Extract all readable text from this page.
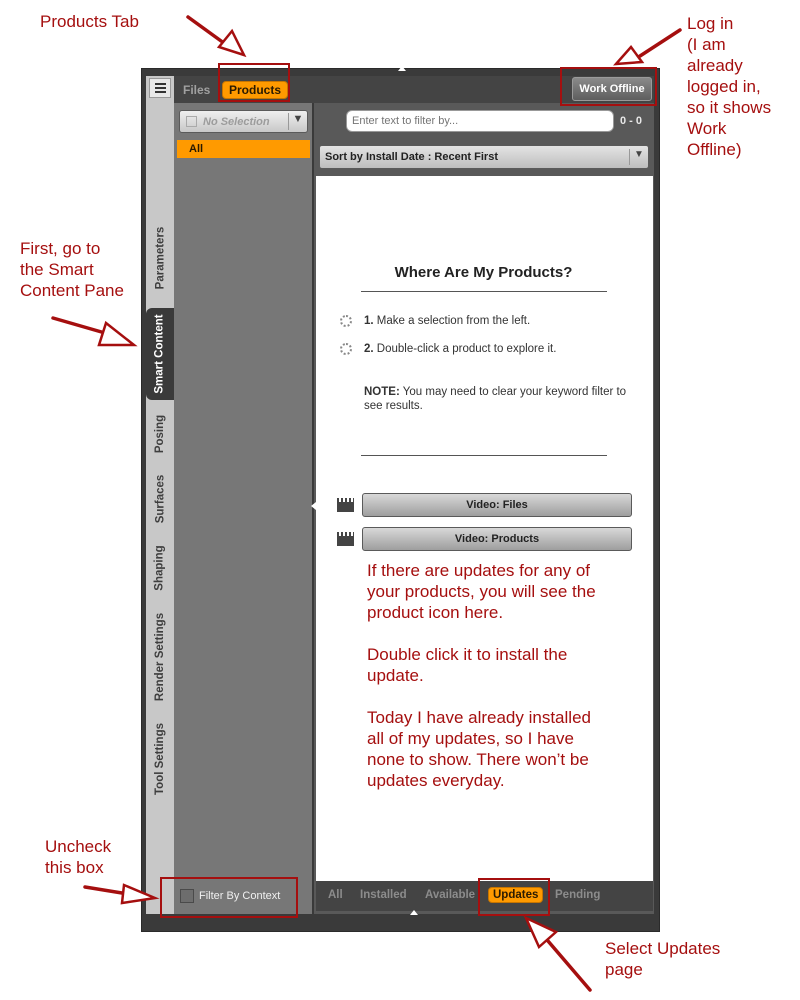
Products Tab	Log in
(I am
already
logged in,
so it shows
Work
Offline)
First, go to
the Smart
Content Pane
Uncheck
this box
Select Updates
page
Parameters
Smart Content
Posing
Surfaces
Shaping
Render Settings
Tool Settings
Files	Products	Work Offline
No Selection	▼
All
Enter text to filter by...
0 - 0
Sort by Install Date : Recent First	▼
Where Are My Products?
1. Make a selection from the left.
2. Double-click a product to explore it.
NOTE: You may need to clear your keyword filter to see results.
Video: Files
Video: Products
If there are updates for any of
your products, you will see the
product icon here.

Double click it to install the
update.

Today I have already installed
all of my updates, so I have
none to show. There won’t be
updates everyday.
All Installed Available	Updates	Pending
Filter By Context
